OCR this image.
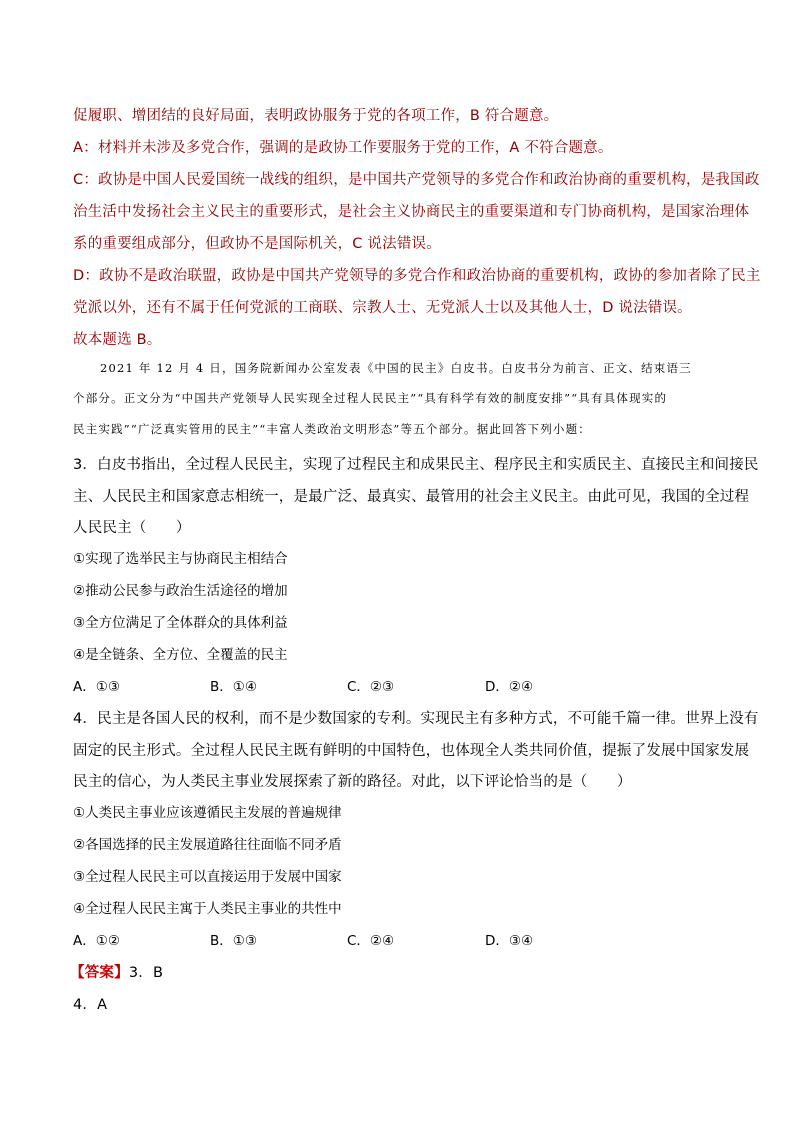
促履职、增团结的良好局面，表明政协服务于党的各项工作，B 符合题意。
A：材料并未涉及多党合作，强调的是政协工作要服务于党的工作，A 不符合题意。
C：政协是中国人民爱国统一战线的组织，是中国共产党领导的多党合作和政治协商的重要机构，是我国政
治生活中发扬社会主义民主的重要形式，是社会主义协商民主的重要渠道和专门协商机构，是国家治理体
系的重要组成部分，但政协不是国际机关，C 说法错误。
D：政协不是政治联盟，政协是中国共产党领导的多党合作和政治协商的重要机构，政协的参加者除了民主
党派以外，还有不属于任何党派的工商联、宗教人士、无党派人士以及其他人士，D 说法错误。
故本题选 B。
2021 年 12 月 4 日，国务院新闻办公室发表《中国的民主》白皮书。白皮书分为前言、正文、结束语三
个部分。正文分为“中国共产党领导人民实现全过程人民民主”“具有科学有效的制度安排”“具有具体现实的
民主实践”“广泛真实管用的民主”“丰富人类政治文明形态”等五个部分。据此回答下列小题：
3．白皮书指出，全过程人民民主，实现了过程民主和成果民主、程序民主和实质民主、直接民主和间接民
主、人民民主和国家意志相统一，是最广泛、最真实、最管用的社会主义民主。由此可见，我国的全过程
人民民主（　　）
①实现了选举民主与协商民主相结合
②推动公民参与政治生活途径的增加
③全方位满足了全体群众的具体利益
④是全链条、全方位、全覆盖的民主
A．①③	B．①④	C．②③	D．②④
4．民主是各国人民的权利，而不是少数国家的专利。实现民主有多种方式，不可能千篇一律。世界上没有
固定的民主形式。全过程人民民主既有鲜明的中国特色，也体现全人类共同价值，提振了发展中国家发展
民主的信心，为人类民主事业发展探索了新的路径。对此，以下评论恰当的是（　　）
①人类民主事业应该遵循民主发展的普遍规律
②各国选择的民主发展道路往往面临不同矛盾
③全过程人民民主可以直接运用于发展中国家
④全过程人民民主寓于人类民主事业的共性中
A．①②	B．①③	C．②④	D．③④
【答案】3．B
4．A
